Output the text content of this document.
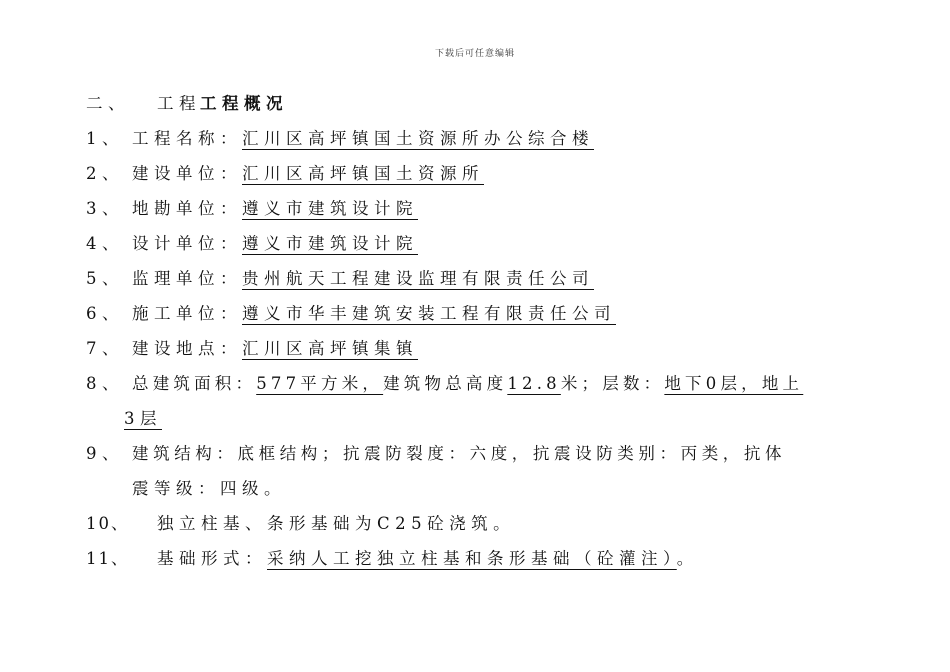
下载后可任意编辑
二、 工程 工程概况
1、 工程名称：汇川区高坪镇国土资源所办公综合楼
2、 建设单位：汇川区高坪镇国土资源所
3、 地勘单位：遵义市建筑设计院
4、 设计单位：遵义市建筑设计院
5、 监理单位：贵州航天工程建设监理有限责任公司
6、 施工单位：遵义市华丰建筑安装工程有限责任公司
7、 建设地点：汇川区高坪镇集镇
8、 总建筑面积：577平方米，建筑物总高度12.8米；层数：地下0层，地上
3层
9、 建筑结构：底框结构；抗震防裂度：六度，抗震设防类别：丙类，抗体
震等级：四级。
10、 独立柱基、条形基础为C25砼浇筑。
11、 基础形式：采纳人工挖独立柱基和条形基础（砼灌注）。
